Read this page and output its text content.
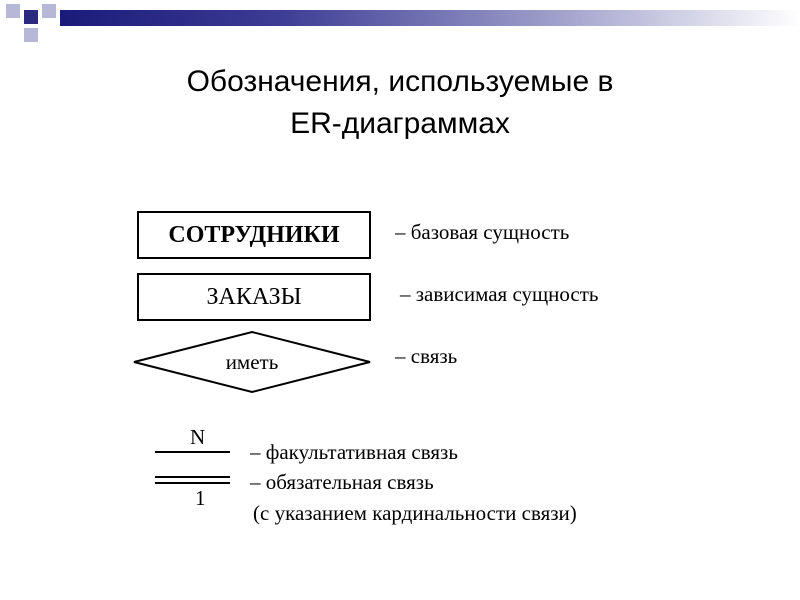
Обозначения, используемые в
ER-диаграммах
СОТРУДНИКИ	– базовая сущность
ЗАКАЗЫ	– зависимая сущность
иметь	– связь
N
1
– факультативная связь
– обязательная связь
(с указанием кардинальности связи)
